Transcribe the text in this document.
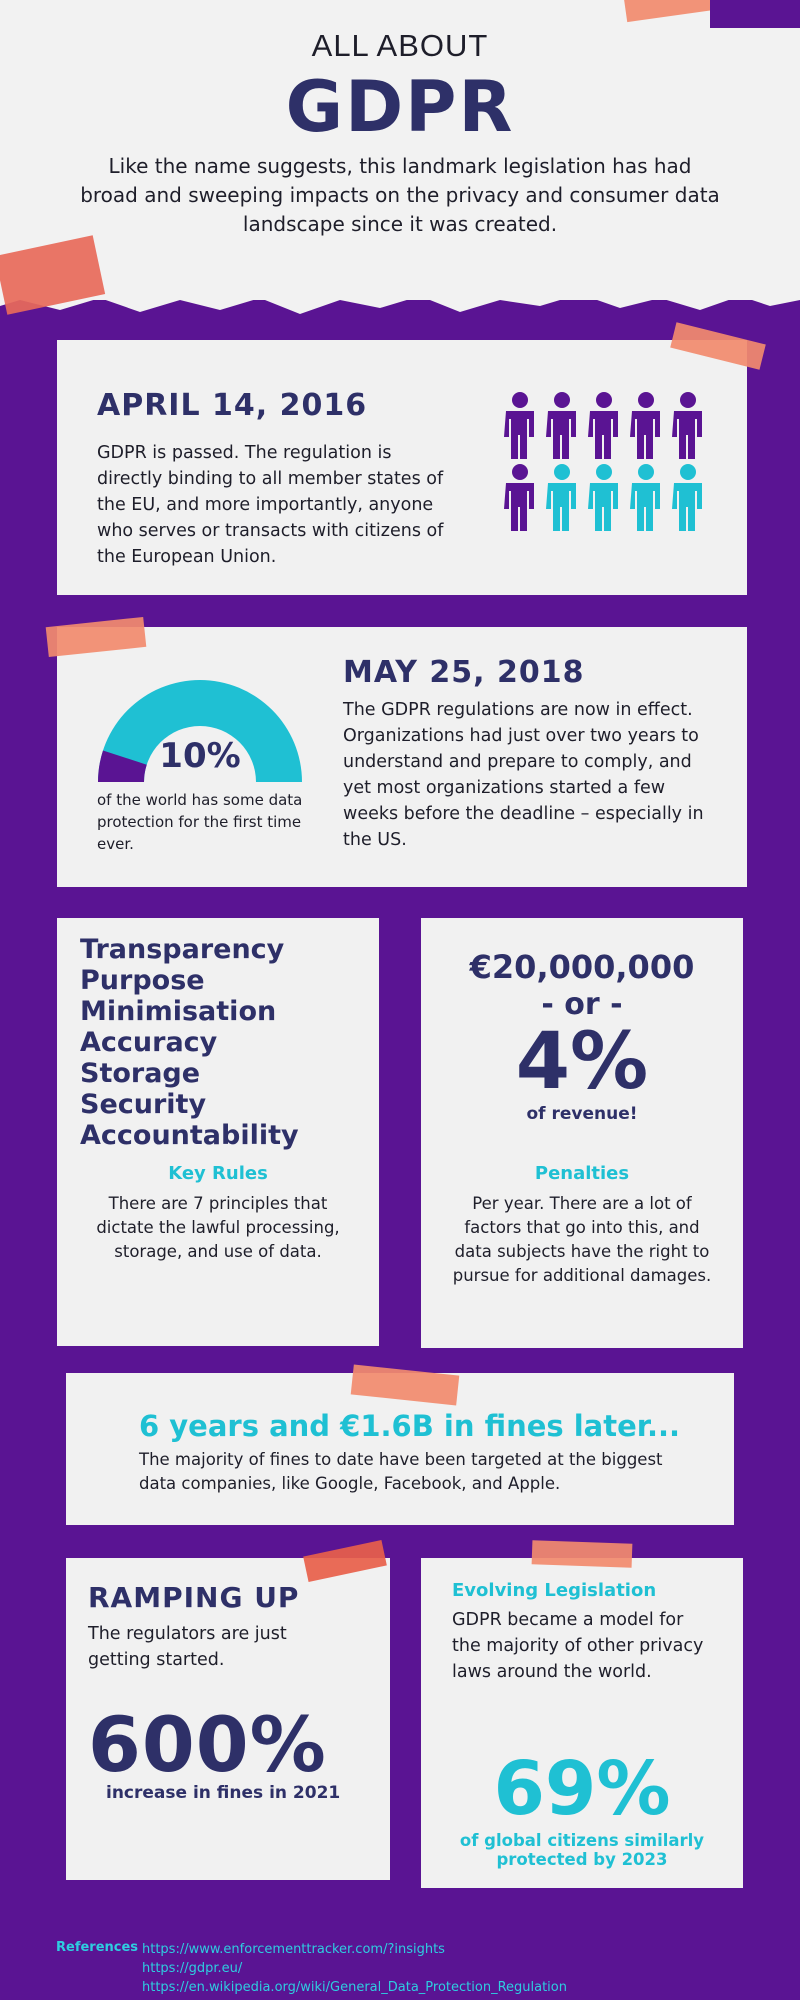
ALL ABOUT
GDPR
Like the name suggests, this landmark legislation has had broad and sweeping impacts on the privacy and consumer data landscape since it was created.
APRIL 14, 2016
GDPR is passed. The regulation is directly binding to all member states of the EU, and more importantly, anyone who serves or transacts with citizens of the European Union.
10%
of the world has some data protection for the first time ever.
MAY 25, 2018
The GDPR regulations are now in effect. Organizations had just over two years to understand and prepare to comply, and yet most organizations started a few weeks before the deadline – especially in the US.
Transparency
Purpose
Minimisation
Accuracy
Storage
Security
Accountability
Key Rules
There are 7 principles that dictate the lawful processing, storage, and use of data.
€20,000,000
- or -
4%
of revenue!
Penalties
Per year. There are a lot of factors that go into this, and data subjects have the right to pursue for additional damages.
6 years and €1.6B in fines later...
The majority of fines to date have been targeted at the biggest data companies, like Google, Facebook, and Apple.
RAMPING UP
The regulators are just getting started.
600%
increase in fines in 2021
Evolving Legislation
GDPR became a model for the majority of other privacy laws around the world.
69%
of global citizens similarly protected by 2023
References https://www.enforcementtracker.com/?insights
https://gdpr.eu/
https://en.wikipedia.org/wiki/General_Data_Protection_Regulation
